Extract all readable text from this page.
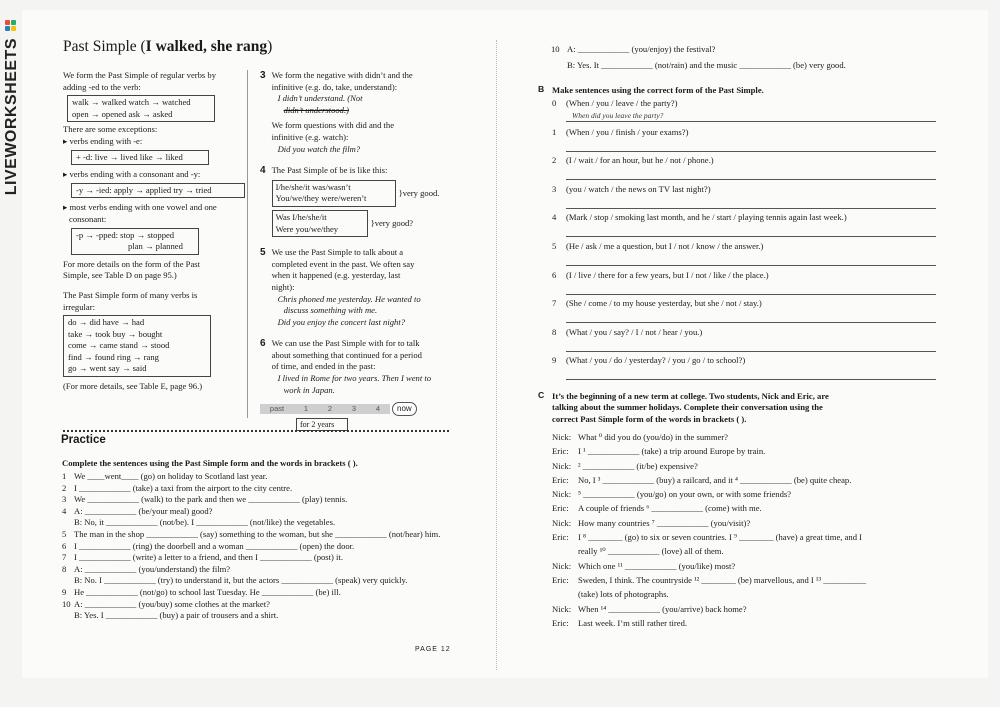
LIVEWORKSHEETS	Past Simple (I walked, she rang)
We form the Past Simple of regular verbs by
adding -ed to the verb:
walk → walked watch → watched
open → opened ask → asked
There are some exceptions:
▸ verbs ending with -e:
+ -d: live → lived like → liked
▸ verbs ending with a consonant and -y:
-y → -ied: apply → applied try → tried
▸ most verbs ending with one vowel and one
consonant:
-p → -pped: stop → stopped
plan → planned
For more details on the form of the Past
Simple, see Table D on page 95.)
The Past Simple form of many verbs is
irregular:
do → did have → had
take → took buy → bought
come → came stand → stood
find → found ring → rang
go → went say → said
(For more details, see Table E, page 96.)
3 We form the negative with didn’t and the
infinitive (e.g. do, take, understand):
I didn’t understand. (Not
didn’t understood.)
We form questions with did and the
infinitive (e.g. watch):
Did you watch the film?
4 The Past Simple of be is like this:
I/he/she/it was/wasn’t
You/we/they were/weren’t
} very good.
Was I/he/she/it
Were you/we/they
} very good?
5 We use the Past Simple to talk about a
completed event in the past. We often say
when it happened (e.g. yesterday, last
night):
Chris phoned me yesterday. He wanted to
discuss something with me.
Did you enjoy the concert last night?
6 We can use the Past Simple with for to talk
about something that continued for a period
of time, and ended in the past:
I lived in Rome for two years. Then I went to
work in Japan.
past	1	2	3	4	now
for 2 years
Practice
Complete the sentences using the Past Simple form and the words in brackets ( ).
1 We ____went____ (go) on holiday to Scotland last year.
2 I ____________ (take) a taxi from the airport to the city centre.
3 We ____________ (walk) to the park and then we ____________ (play) tennis.
4 A: ____________ (be/your meal) good?
B: No, it ____________ (not/be). I ____________ (not/like) the vegetables.
5 The man in the shop ____________ (say) something to the woman, but she ____________ (not/hear) him.
6 I ____________ (ring) the doorbell and a woman ____________ (open) the door.
7 I ____________ (write) a letter to a friend, and then I ____________ (post) it.
8 A: ____________ (you/understand) the film?
B: No. I ____________ (try) to understand it, but the actors ____________ (speak) very quickly.
9 He ____________ (not/go) to school last Tuesday. He ____________ (be) ill.
10 A: ____________ (you/buy) some clothes at the market?
B: Yes. I ____________ (buy) a pair of trousers and a shirt.
PAGE 12
10 A: ____________ (you/enjoy) the festival?
B: Yes. It ____________ (not/rain) and the music ____________ (be) very good.
B Make sentences using the correct form of the Past Simple.
0 (When / you / leave / the party?)
When did you leave the party?
1 (When / you / finish / your exams?)
2 (I / wait / for an hour, but he / not / phone.)
3 (you / watch / the news on TV last night?)
4 (Mark / stop / smoking last month, and he / start / playing tennis again last week.)
5 (He / ask / me a question, but I / not / know / the answer.)
6 (I / live / there for a few years, but I / not / like / the place.)
7 (She / come / to my house yesterday, but she / not / stay.)
8 (What / you / say? / I / not / hear / you.)
9 (What / you / do / yesterday? / you / go / to school?)
C It’s the beginning of a new term at college. Two students, Nick and Eric, are
talking about the summer holidays. Complete their conversation using the
correct Past Simple form of the words in brackets ( ).
Nick: What ⁰ did you do (you/do) in the summer?
Eric:	I ¹ ____________ (take) a trip around Europe by train.
Nick: ² ____________ (it/be) expensive?
Eric:	No, I ³ ____________ (buy) a railcard, and it ⁴ ____________ (be) quite cheap.
Nick: ⁵ ____________ (you/go) on your own, or with some friends?
Eric:	A couple of friends ⁶ ____________ (come) with me.
Nick: How many countries ⁷ ____________ (you/visit)?
Eric:	I ⁸ ________ (go) to six or seven countries. I ⁹ ________ (have) a great time, and I
really ¹⁰ ____________ (love) all of them.
Nick: Which one ¹¹ ____________ (you/like) most?
Eric:	Sweden, I think. The countryside ¹² ________ (be) marvellous, and I ¹³ __________
(take) lots of photographs.
Nick: When ¹⁴ ____________ (you/arrive) back home?
Eric:	Last week. I’m still rather tired.
